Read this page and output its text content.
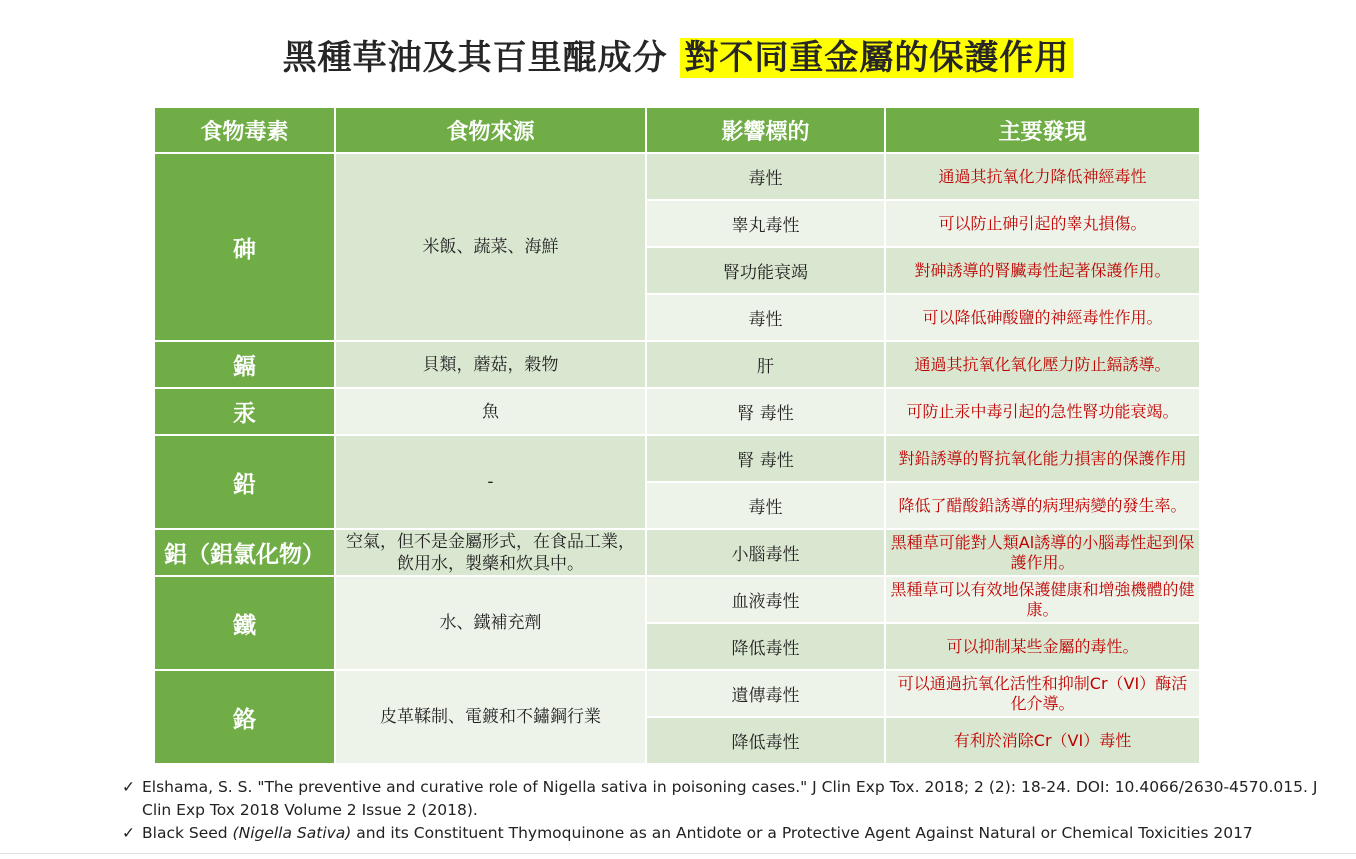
黑種草油及其百里醌成分 對不同重金屬的保護作用
食物毒素	食物來源	影響標的	主要發現
砷	米飯、蔬菜、海鮮	毒性	通過其抗氧化力降低神經毒性
		睾丸毒性	可以防止砷引起的睾丸損傷。
		腎功能衰竭	對砷誘導的腎臟毒性起著保護作用。
		毒性	可以降低砷酸鹽的神經毒性作用。
鎘	貝類，蘑菇，穀物	肝	通過其抗氧化氧化壓力防止鎘誘導。
汞	魚	腎 毒性	可防止汞中毒引起的急性腎功能衰竭。
鉛	-	腎 毒性	對鉛誘導的腎抗氧化能力損害的保護作用
		毒性	降低了醋酸鉛誘導的病理病變的發生率。
鋁（鋁氯化物）	空氣，但不是金屬形式，在食品工業，飲用水，製藥和炊具中。	小腦毒性	黑種草可能對人類Al誘導的小腦毒性起到保護作用。
鐵	水、鐵補充劑	血液毒性	黑種草可以有效地保護健康和增強機體的健康。
		降低毒性	可以抑制某些金屬的毒性。
鉻	皮革鞣制、電鍍和不鏽鋼行業	遺傳毒性	可以通過抗氧化活性和抑制Cr（VI）酶活化介導。
		降低毒性	有利於消除Cr（VI）毒性
✓ Elshama, S. S. "The preventive and curative role of Nigella sativa in poisoning cases." J Clin Exp Tox. 2018; 2 (2): 18-24. DOI: 10.4066/2630-4570.015. J Clin Exp Tox 2018 Volume 2 Issue 2 (2018).
✓ Black Seed (Nigella Sativa) and its Constituent Thymoquinone as an Antidote or a Protective Agent Against Natural or Chemical Toxicities 2017
